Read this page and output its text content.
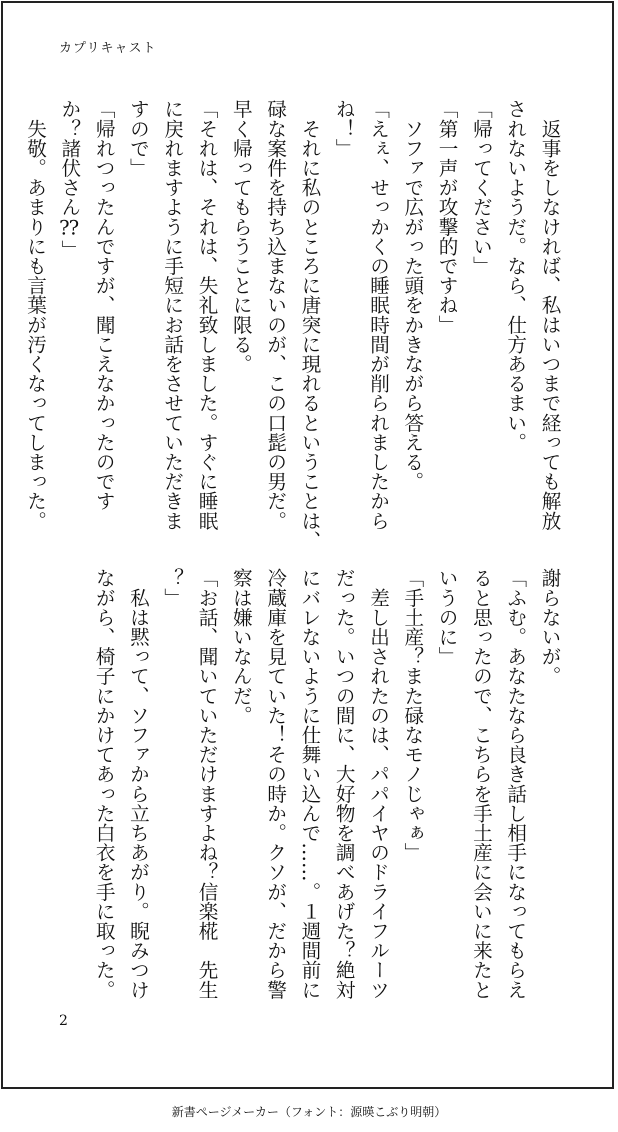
カプリキャスト
　返事をしなければ、私はいつまで経っても解放
されないようだ。なら、仕方あるまい。
「帰ってください」
「第一声が攻撃的ですね」
　ソファで広がった頭をかきながら答える。
「えぇ、せっかくの睡眠時間が削られましたから
ね！」
　それに私のところに唐突に現れるということは、
碌な案件を持ち込まないのが、この口髭の男だ。
早く帰ってもらうことに限る。
「それは、それは、失礼致しました。すぐに睡眠
に戻れますように手短にお話をさせていただきま
すので」
「帰れつったんですが、聞こえなかったのです
か？諸伏さん⁇」
　失敬。あまりにも言葉が汚くなってしまった。
謝らないが。
「ふむ。あなたなら良き話し相手になってもらえ
ると思ったので、こちらを手土産に会いに来たと
いうのに」
「手土産？また碌なモノじゃぁ」
　差し出されたのは、パパイヤのドライフルーツ
だった。いつの間に、大好物を調べあげた？絶対
にバレないように仕舞い込んで……。１週間前に
冷蔵庫を見ていた！その時か。クソが、だから警
察は嫌いなんだ。
「お話、聞いていただけますよね？信楽椛　先生
？」
　私は黙って、ソファから立ちあがり。睨みつけ
ながら、椅子にかけてあった白衣を手に取った。
2
新書ページメーカー（フォント：源暎こぶり明朝）
